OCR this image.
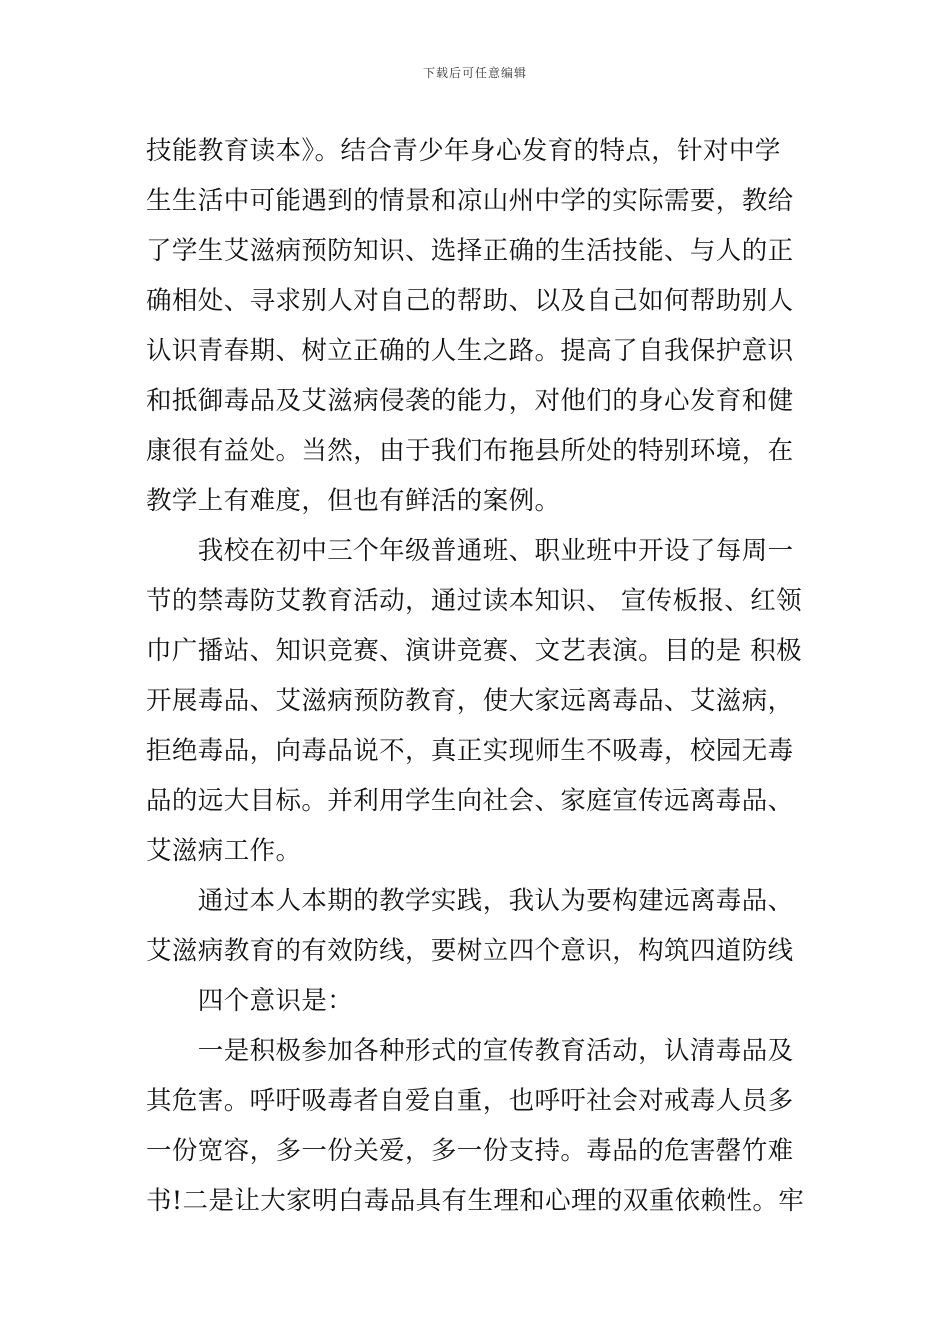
下载后可任意编辑
技能教育读本》。结合青少年身心发育的特点，针对中学
生生活中可能遇到的情景和凉山州中学的实际需要，教给
了学生艾滋病预防知识、选择正确的生活技能、与人的正
确相处、寻求别人对自己的帮助、以及自己如何帮助别人
认识青春期、树立正确的人生之路。提高了自我保护意识
和抵御毒品及艾滋病侵袭的能力，对他们的身心发育和健
康很有益处。当然，由于我们布拖县所处的特别环境，在
教学上有难度，但也有鲜活的案例。
　　我校在初中三个年级普通班、职业班中开设了每周一
节的禁毒防艾教育活动，通过读本知识、 宣传板报、红领
巾广播站、知识竞赛、演讲竞赛、文艺表演。目的是 积极
开展毒品、艾滋病预防教育，使大家远离毒品、艾滋病，
拒绝毒品，向毒品说不，真正实现师生不吸毒，校园无毒
品的远大目标。并利用学生向社会、家庭宣传远离毒品、
艾滋病工作。
　　通过本人本期的教学实践，我认为要构建远离毒品、
艾滋病教育的有效防线，要树立四个意识，构筑四道防线
　　四个意识是：
　　一是积极参加各种形式的宣传教育活动，认清毒品及
其危害。呼吁吸毒者自爱自重，也呼吁社会对戒毒人员多
一份宽容，多一份关爱，多一份支持。毒品的危害罄竹难
书!二是让大家明白毒品具有生理和心理的双重依赖性。牢
